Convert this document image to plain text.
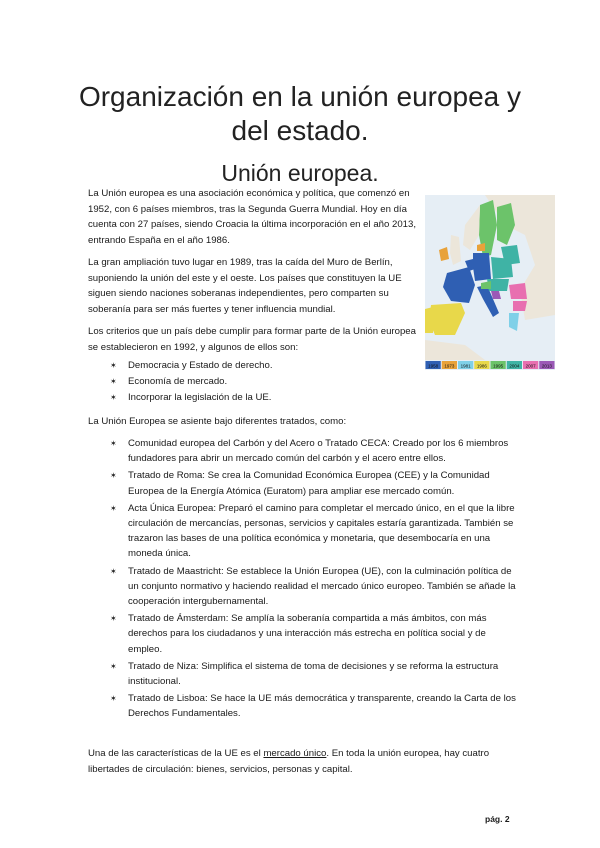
Organización en la unión europea y del estado.
Unión europea.

La Unión europea es una asociación económica y política, que comenzó en 1952, con 6 países miembros, tras la Segunda Guerra Mundial. Hoy en día cuenta con 27 países, siendo Croacia la última incorporación en el año 2013, entrando España en el año 1986.

La gran ampliación tuvo lugar en 1989, tras la caída del Muro de Berlín, suponiendo la unión del este y el oeste. Los países que constituyen la UE siguen siendo naciones soberanas independientes, pero comparten su soberanía para ser más fuertes y tener influencia mundial.

Los criterios que un país debe cumplir para formar parte de la Unión europea se establecieron en 1992, y algunos de ellos son:

1958 1973 1981 1986 1995 2004 2007 2013
✶ Democracia y Estado de derecho.
✶ Economía de mercado.
✶ Incorporar la legislación de la UE.

La Unión Europea se asiente bajo diferentes tratados, como:

✶ Comunidad europea del Carbón y del Acero o Tratado CECA: Creado por los 6 miembros fundadores para abrir un mercado común del carbón y el acero entre ellos.
✶ Tratado de Roma: Se crea la Comunidad Económica Europea (CEE) y la Comunidad Europea de la Energía Atómica (Euratom) para ampliar ese mercado común.
✶ Acta Única Europea: Preparó el camino para completar el mercado único, en el que la libre circulación de mercancías, personas, servicios y capitales estaría garantizada. También se trazaron las bases de una política económica y monetaria, que desembocaría en una moneda única.
✶ Tratado de Maastricht: Se establece la Unión Europea (UE), con la culminación política de un conjunto normativo y haciendo realidad el mercado único europeo. También se añade la cooperación intergubernamental.
✶ Tratado de Ámsterdam: Se amplía la soberanía compartida a más ámbitos, con más derechos para los ciudadanos y una interacción más estrecha en política social y de empleo.
✶ Tratado de Niza: Simplifica el sistema de toma de decisiones y se reforma la estructura institucional.
✶ Tratado de Lisboa: Se hace la UE más democrática y transparente, creando la Carta de los Derechos Fundamentales.

Una de las características de la UE es el mercado único. En toda la unión europea, hay cuatro libertades de circulación: bienes, servicios, personas y capital.

pág. 2
